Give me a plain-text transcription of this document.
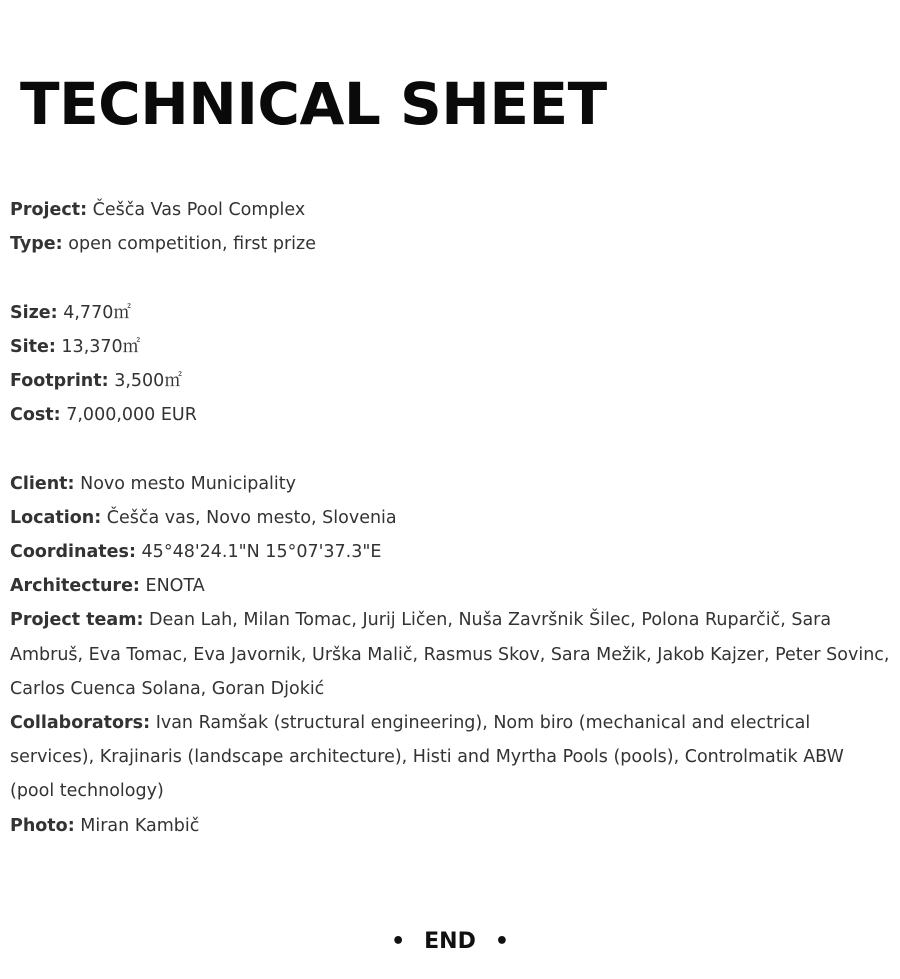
TECHNICAL SHEET

Project: Češča Vas Pool Complex

Type: open competition, first prize

Size: 4,770㎡

Site: 13,370㎡

Footprint: 3,500㎡

Cost: 7,000,000 EUR

Client: Novo mesto Municipality

Location: Češča vas, Novo mesto, Slovenia

Coordinates: 45°48'24.1"N 15°07'37.3"E

Architecture: ENOTA

Project team: Dean Lah, Milan Tomac, Jurij Ličen, Nuša Završnik Šilec, Polona Ruparčič, Sara Ambruš, Eva Tomac, Eva Javornik, Urška Malič, Rasmus Skov, Sara Mežik, Jakob Kajzer, Peter Sovinc, Carlos Cuenca Solana, Goran Djokić

Collaborators: Ivan Ramšak (structural engineering), Nom biro (mechanical and electrical services), Krajinaris (landscape architecture), Histi and Myrtha Pools (pools), Controlmatik ABW (pool technology)

Photo: Miran Kambič

• END •
